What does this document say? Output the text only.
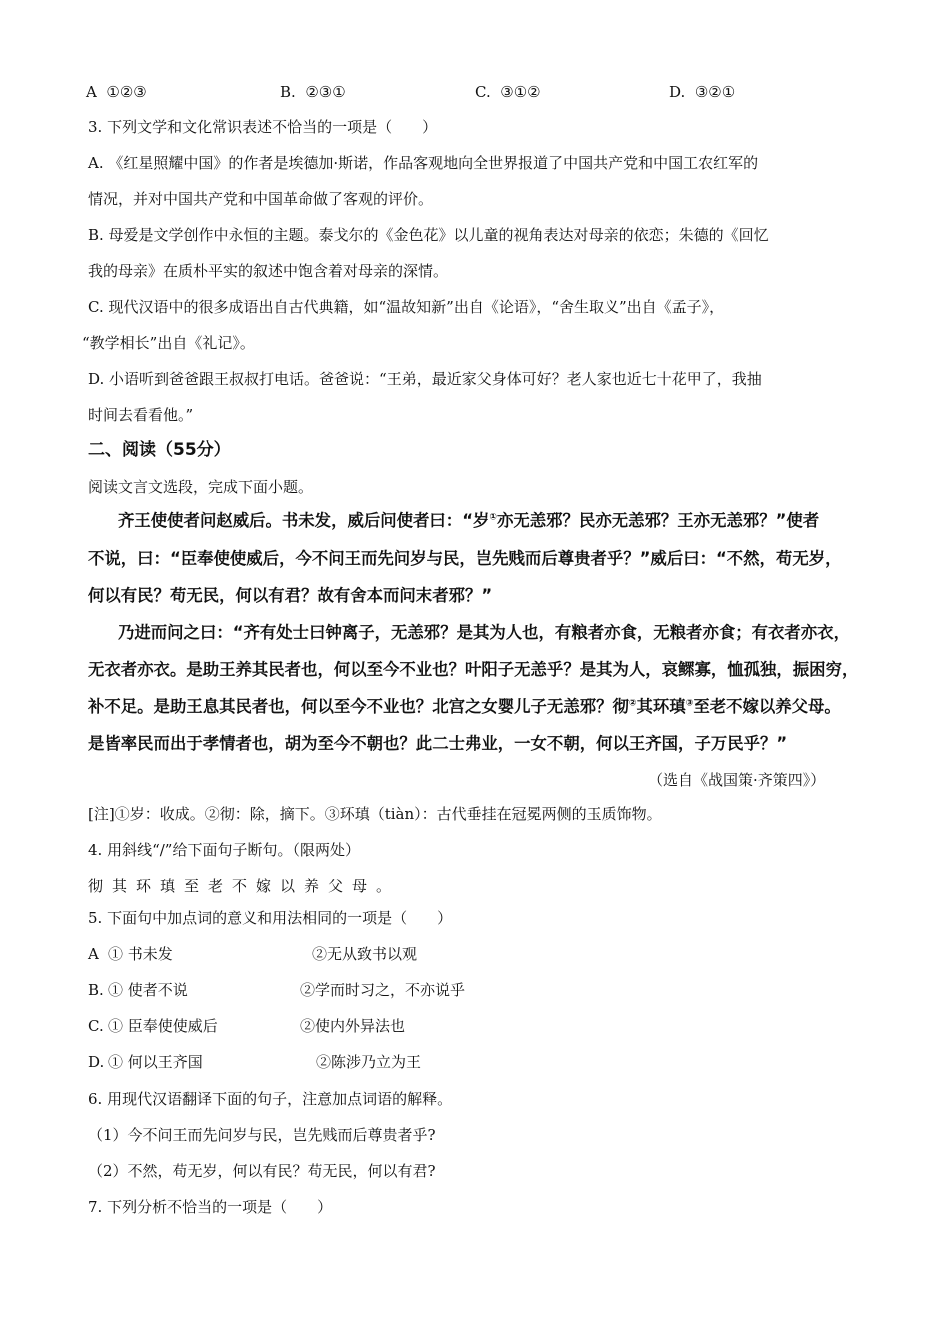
A ①②③	B. ②③①	C. ③①②	D. ③②①
3. 下列文学和文化常识表述不恰当的一项是（　　）
A. 《红星照耀中国》的作者是埃德加·斯诺，作品客观地向全世界报道了中国共产党和中国工农红军的
情况，并对中国共产党和中国革命做了客观的评价。
B. 母爱是文学创作中永恒的主题。泰戈尔的《金色花》以儿童的视角表达对母亲的依恋；朱德的《回忆
我的母亲》在质朴平实的叙述中饱含着对母亲的深情。
C. 现代汉语中的很多成语出自古代典籍，如“温故知新”出自《论语》，“舍生取义”出自《孟子》，
“教学相长”出自《礼记》。
D. 小语听到爸爸跟王叔叔打电话。爸爸说：“王弟，最近家父身体可好？老人家也近七十花甲了，我抽
时间去看看他。”
二、阅读（55分）
阅读文言文选段，完成下面小题。
齐王使使者问赵威后。书未发，威后问使者曰：“岁①亦无恙邪？民亦无恙邪？王亦无恙邪？”使者
不说，曰：“臣奉使使威后，今不问王而先问岁与民，岂先贱而后尊贵者乎？”威后曰：“不然，苟无岁，
何以有民？苟无民，何以有君？故有舍本而问末者邪？”
乃进而问之曰：“齐有处士曰钟离子，无恙邪？是其为人也，有粮者亦食，无粮者亦食；有衣者亦衣，
无衣者亦衣。是助王养其民者也，何以至今不业也？叶阳子无恙乎？是其为人，哀鳏寡，恤孤独，振困穷，
补不足。是助王息其民者也，何以至今不业也？北宫之女婴儿子无恙邪？彻②其环瑱③至老不嫁以养父母。
是皆率民而出于孝情者也，胡为至今不朝也？此二士弗业，一女不朝，何以王齐国，子万民乎？”
（选自《战国策·齐策四》）
[注]①岁：收成。②彻：除，摘下。③环瑱（tiàn）：古代垂挂在冠冕两侧的玉质饰物。
4. 用斜线“/”给下面句子断句。（限两处）
彻其环瑱至老不嫁以养父母。
5. 下面句中加点词的意义和用法相同的一项是（　　）
A ① 书未发	②无从致书以观
B. ① 使者不说	②学而时习之，不亦说乎
C. ① 臣奉使使威后	②使内外异法也
D. ① 何以王齐国	②陈涉乃立为王
6. 用现代汉语翻译下面的句子，注意加点词语的解释。
（1）今不问王而先问岁与民，岂先贱而后尊贵者乎?
（2）不然，苟无岁，何以有民？苟无民，何以有君?
7. 下列分析不恰当的一项是（　　）
